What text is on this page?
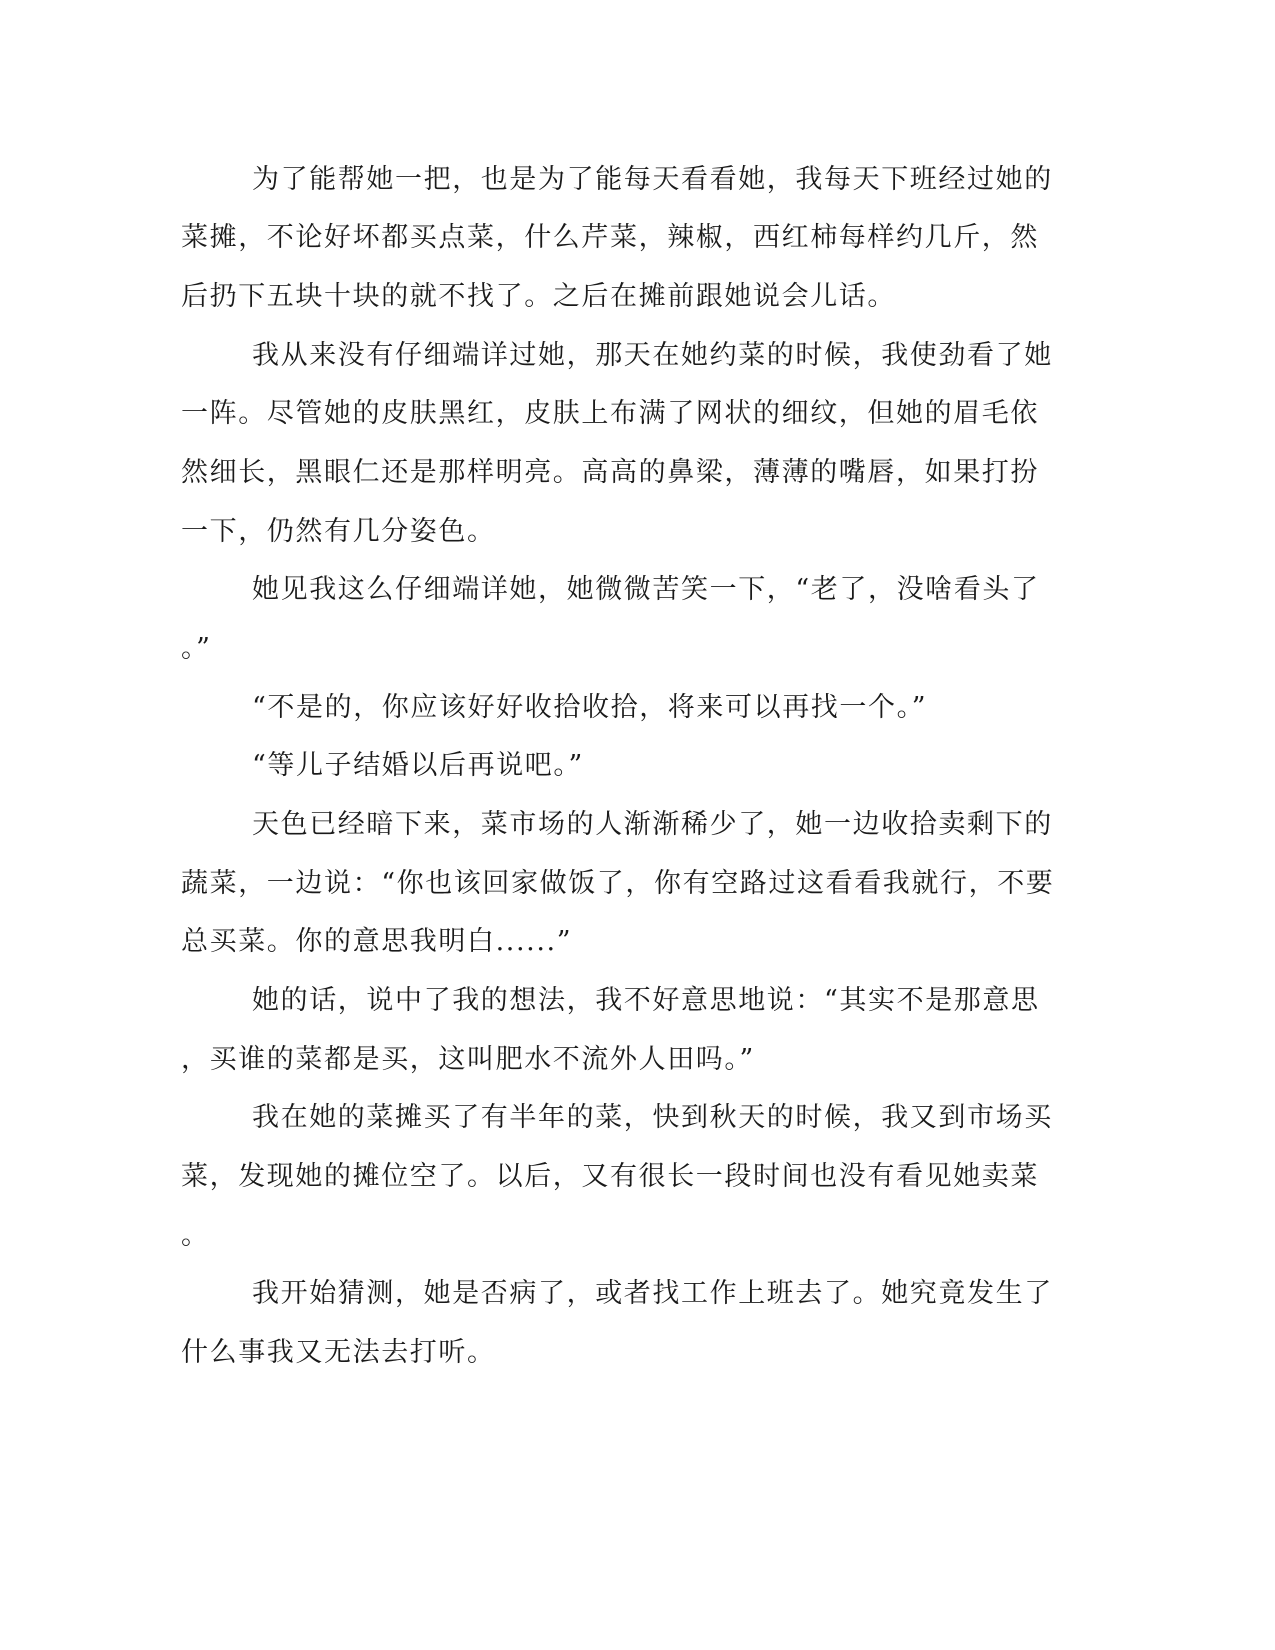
为了能帮她一把，也是为了能每天看看她，我每天下班经过她的

菜摊，不论好坏都买点菜，什么芹菜，辣椒，西红柿每样约几斤，然

后扔下五块十块的就不找了。之后在摊前跟她说会儿话。

我从来没有仔细端详过她，那天在她约菜的时候，我使劲看了她

一阵。尽管她的皮肤黑红，皮肤上布满了网状的细纹，但她的眉毛依

然细长，黑眼仁还是那样明亮。高高的鼻梁，薄薄的嘴唇，如果打扮

一下，仍然有几分姿色。

她见我这么仔细端详她，她微微苦笑一下，“老了，没啥看头了

。”

“不是的，你应该好好收拾收拾，将来可以再找一个。”

“等儿子结婚以后再说吧。”

天色已经暗下来，菜市场的人渐渐稀少了，她一边收拾卖剩下的

蔬菜，一边说：“你也该回家做饭了，你有空路过这看看我就行，不要

总买菜。你的意思我明白......”

她的话，说中了我的想法，我不好意思地说：“其实不是那意思

，买谁的菜都是买，这叫肥水不流外人田吗。”

我在她的菜摊买了有半年的菜，快到秋天的时候，我又到市场买

菜，发现她的摊位空了。以后，又有很长一段时间也没有看见她卖菜

。

我开始猜测，她是否病了，或者找工作上班去了。她究竟发生了

什么事我又无法去打听。
